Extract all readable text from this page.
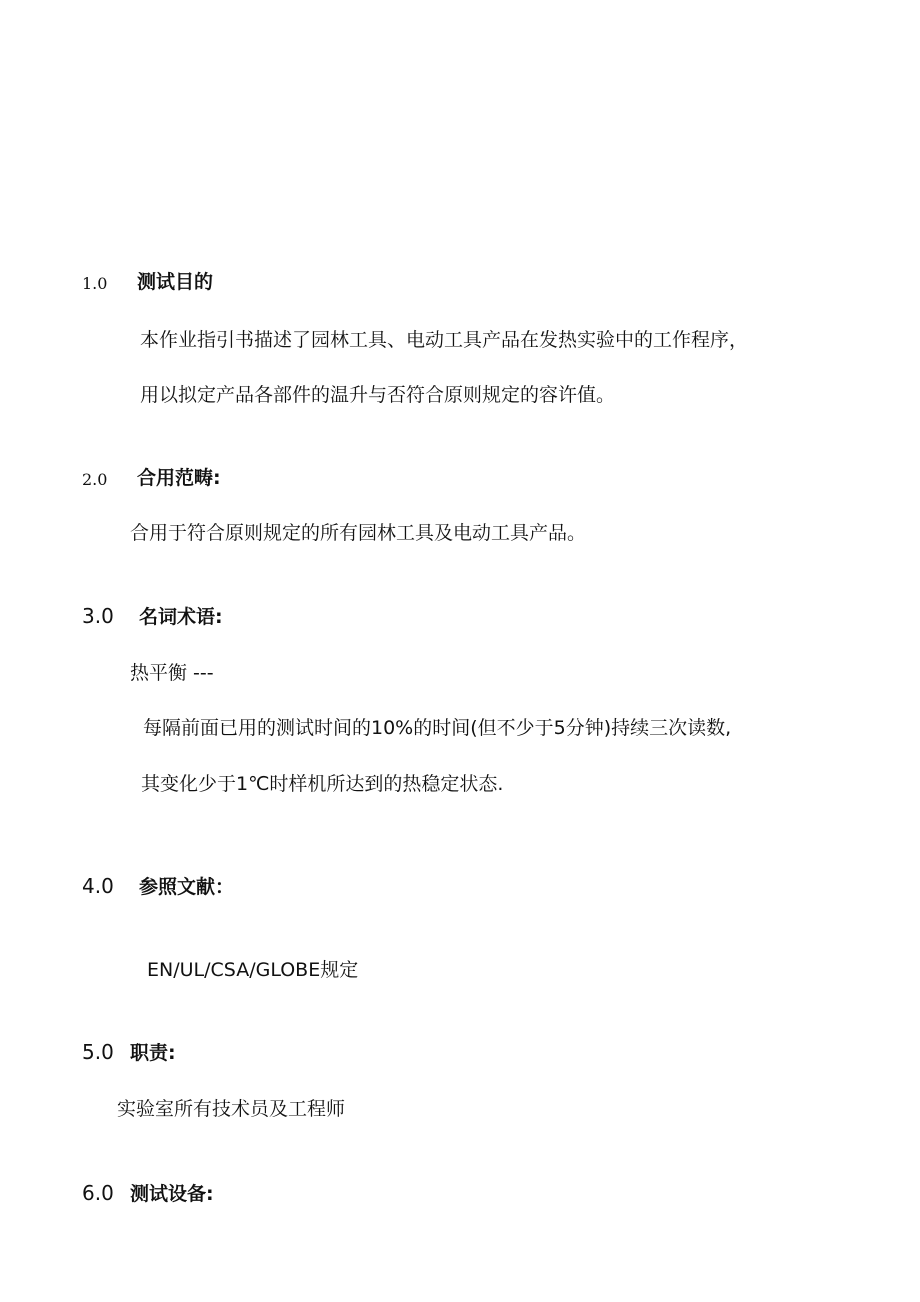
1.0 测试目的
本作业指引书描述了园林工具、电动工具产品在发热实验中的工作程序，
用以拟定产品各部件的温升与否符合原则规定的容许值。
2.0 合用范畴:
合用于符合原则规定的所有园林工具及电动工具产品。
3.0 名词术语:
热平衡 ---
每隔前面已用的测试时间的10%的时间(但不少于5分钟)持续三次读数,
其变化少于1℃时样机所达到的热稳定状态.
4.0 参照文献：
EN/UL/CSA/GLOBE规定
5.0 职责:
实验室所有技术员及工程师
6.0 测试设备:
